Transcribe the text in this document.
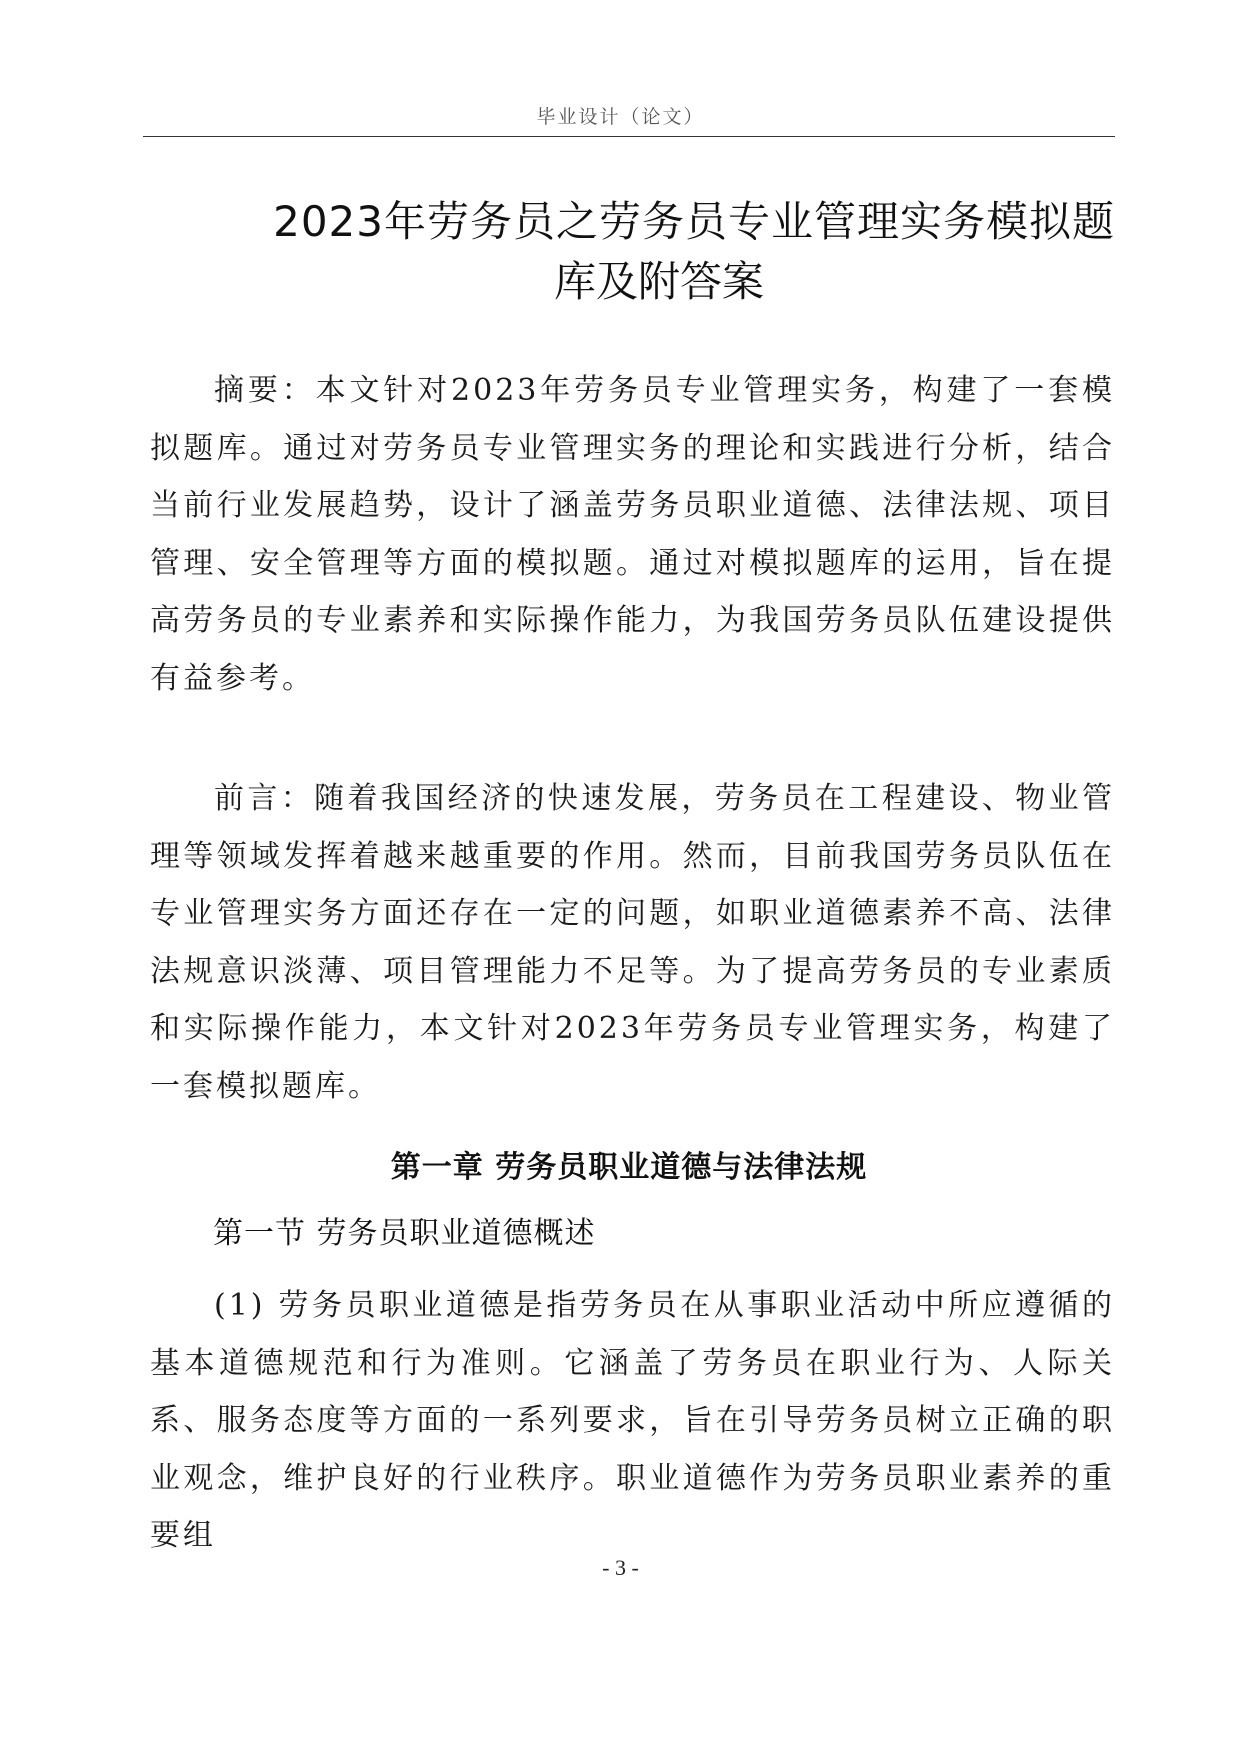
毕业设计（论文）
2023年劳务员之劳务员专业管理实务模拟题
库及附答案

摘要：本文针对2023年劳务员专业管理实务，构建了一套模拟题库。通过对劳务员专业管理实务的理论和实践进行分析，结合当前行业发展趋势，设计了涵盖劳务员职业道德、法律法规、项目管理、安全管理等方面的模拟题。通过对模拟题库的运用，旨在提高劳务员的专业素养和实际操作能力，为我国劳务员队伍建设提供有益参考。

前言：随着我国经济的快速发展，劳务员在工程建设、物业管理等领域发挥着越来越重要的作用。然而，目前我国劳务员队伍在专业管理实务方面还存在一定的问题，如职业道德素养不高、法律法规意识淡薄、项目管理能力不足等。为了提高劳务员的专业素质和实际操作能力，本文针对2023年劳务员专业管理实务，构建了一套模拟题库。

第一章 劳务员职业道德与法律法规
第一节 劳务员职业道德概述

(1) 劳务员职业道德是指劳务员在从事职业活动中所应遵循的基本道德规范和行为准则。它涵盖了劳务员在职业行为、人际关系、服务态度等方面的一系列要求，旨在引导劳务员树立正确的职业观念，维护良好的行业秩序。职业道德作为劳务员职业素养的重要组

- 3 -
